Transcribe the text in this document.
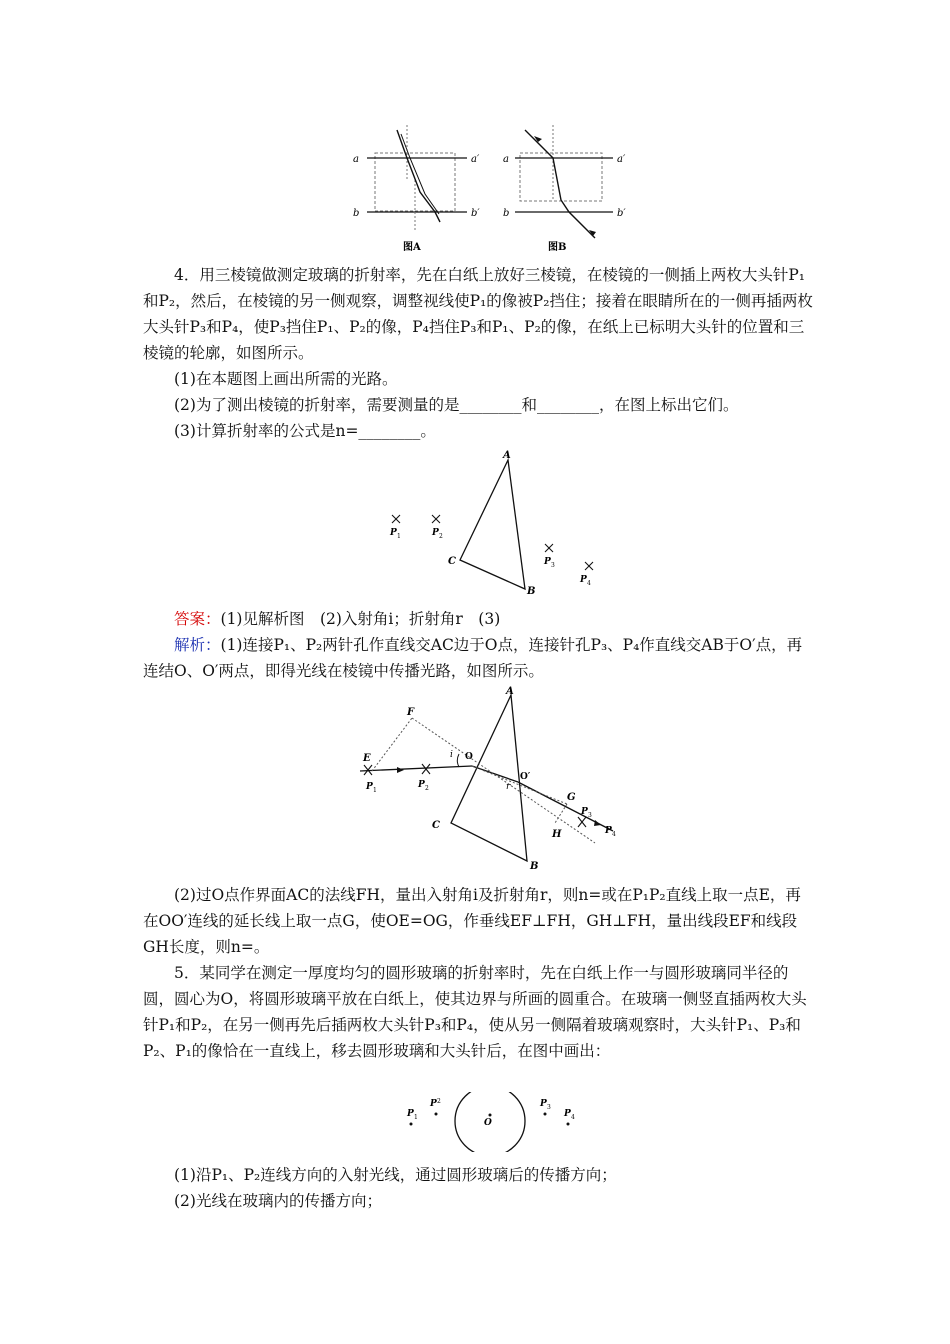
a	a′
b	b′
图A
a	a′
b	b′
图B

4．用三棱镜做测定玻璃的折射率，先在白纸上放好三棱镜，在棱镜的一侧插上两枚大头针P₁和P₂，然后，在棱镜的另一侧观察，调整视线使P₁的像被P₂挡住；接着在眼睛所在的一侧再插两枚大头针P₃和P₄，使P₃挡住P₁、P₂的像，P₄挡住P₃和P₁、P₂的像，在纸上已标明大头针的位置和三棱镜的轮廓，如图所示。

(1)在本题图上画出所需的光路。

(2)为了测出棱镜的折射率，需要测量的是________和________，在图上标出它们。

(3)计算折射率的公式是n=________。

A
B
C
P 1	P 2
P 3
P 4

答案：(1)见解析图　(2)入射角i；折射角r　(3)

解析：(1)连接P₁、P₂两针孔作直线交AC边于O点，连接针孔P₃、P₄作直线交AB于O′点，再连结O、O′两点，即得光线在棱镜中传播光路，如图所示。

A
B
C
F
E
G
H
O
O′
i
r
P 1
P 2
P 3
P 4

(2)过O点作界面AC的法线FH，量出入射角i及折射角r，则n=或在P₁P₂直线上取一点E，再在OO′连线的延长线上取一点G，使OE=OG，作垂线EF⊥FH，GH⊥FH，量出线段EF和线段GH长度，则n=。

5．某同学在测定一厚度均匀的圆形玻璃的折射率时，先在白纸上作一与圆形玻璃同半径的圆，圆心为O，将圆形玻璃平放在白纸上，使其边界与所画的圆重合。在玻璃一侧竖直插两枚大头针P₁和P₂，在另一侧再先后插两枚大头针P₃和P₄，使从另一侧隔着玻璃观察时，大头针P₁、P₃和P₂、P₁的像恰在一直线上，移去圆形玻璃和大头针后，在图中画出：

O
P 1
P 2	P 3
P 4

(1)沿P₁、P₂连线方向的入射光线，通过圆形玻璃后的传播方向；

(2)光线在玻璃内的传播方向；
